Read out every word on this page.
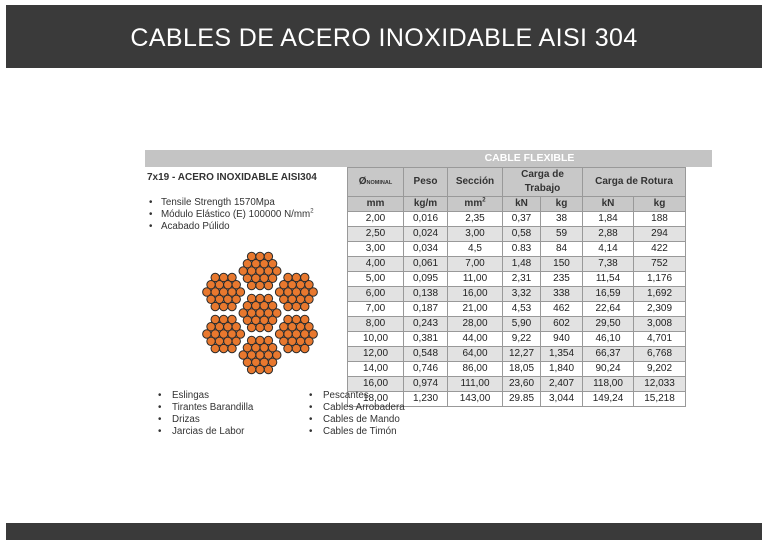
CABLES DE ACERO INOXIDABLE AISI 304
CABLE FLEXIBLE
7x19 - ACERO INOXIDABLE AISI304
• Tensile Strength 1570Mpa
• Módulo Elástico (E) 100000 $N/mm^2$
• Acabado Púlido
ØNOMINAL	Peso	Sección	Carga de Trabajo		Carga de Rotura	
mm	kg/m	$mm^2$	kN	kg	kN	kg
2,00	0,016	2,35	0,37	38	1,84	188
2,50	0,024	3,00	0,58	59	2,88	294
3,00	0,034	4,5	0.83	84	4,14	422
4,00	0,061	7,00	1,48	150	7,38	752
5,00	0,095	11,00	2,31	235	11,54	1,176
6,00	0,138	16,00	3,32	338	16,59	1,692
7,00	0,187	21,00	4,53	462	22,64	2,309
8,00	0,243	28,00	5,90	602	29,50	3,008
10,00	0,381	44,00	9,22	940	46,10	4,701
12,00	0,548	64,00	12,27	1,354	66,37	6,768
14,00	0,746	86,00	18,05	1,840	90,24	9,202
16,00	0,974	111,00	23,60	2,407	118,00	12,033
18,00	1,230	143,00	29.85	3,044	149,24	15,218
• Eslingas
• Tirantes Barandilla
• Drizas
• Jarcias de Labor
• Pescantes
• Cables Arrobadera
• Cables de Mando
• Cables de Timón
